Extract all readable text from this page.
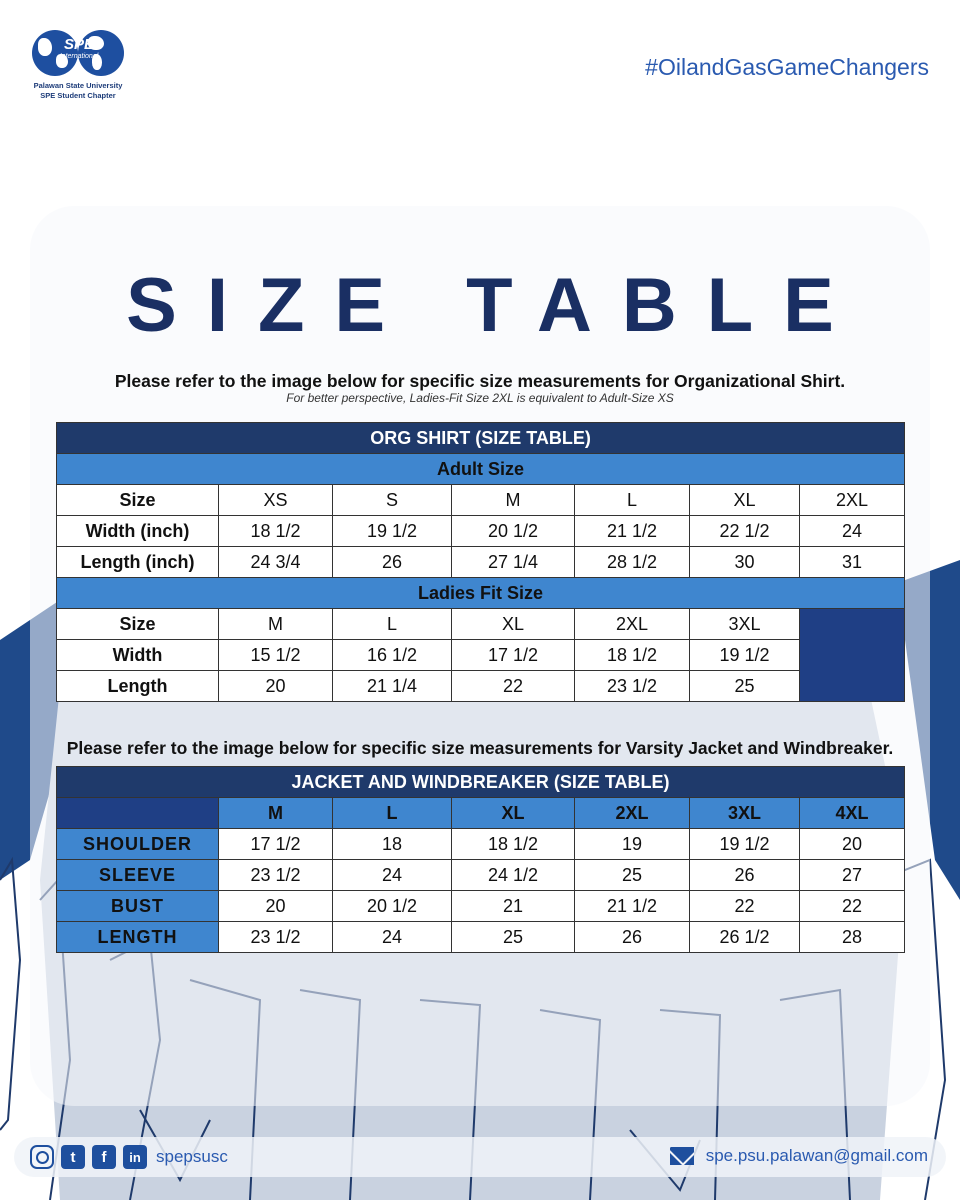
SPE
International
Palawan State University
SPE Student Chapter
#OilandGasGameChangers
SIZE TABLE
Please refer to the image below for specific size measurements for Organizational Shirt.
For better perspective, Ladies-Fit Size 2XL is equivalent to Adult-Size XS
ORG SHIRT (SIZE TABLE)						
Adult Size						
Size	XS	S	M	L	XL	2XL
Width (inch)	18 1/2	19 1/2	20 1/2	21 1/2	22 1/2	24
Length (inch)	24 3/4	26	27 1/4	28 1/2	30	31
Ladies Fit Size						
Size	M	L	XL	2XL	3XL	
Width	15 1/2	16 1/2	17 1/2	18 1/2	19 1/2	
Length	20	21 1/4	22	23 1/2	25	
Please refer to the image below for specific size measurements for Varsity Jacket and Windbreaker.
JACKET AND WINDBREAKER (SIZE TABLE)						
	M	L	XL	2XL	3XL	4XL
SHOULDER	17 1/2	18	18 1/2	19	19 1/2	20
SLEEVE	23 1/2	24	24 1/2	25	26	27
BUST	20	20 1/2	21	21 1/2	22	22
LENGTH	23 1/2	24	25	26	26 1/2	28
t	f	in spepsusc	spe.psu.palawan@gmail.com
